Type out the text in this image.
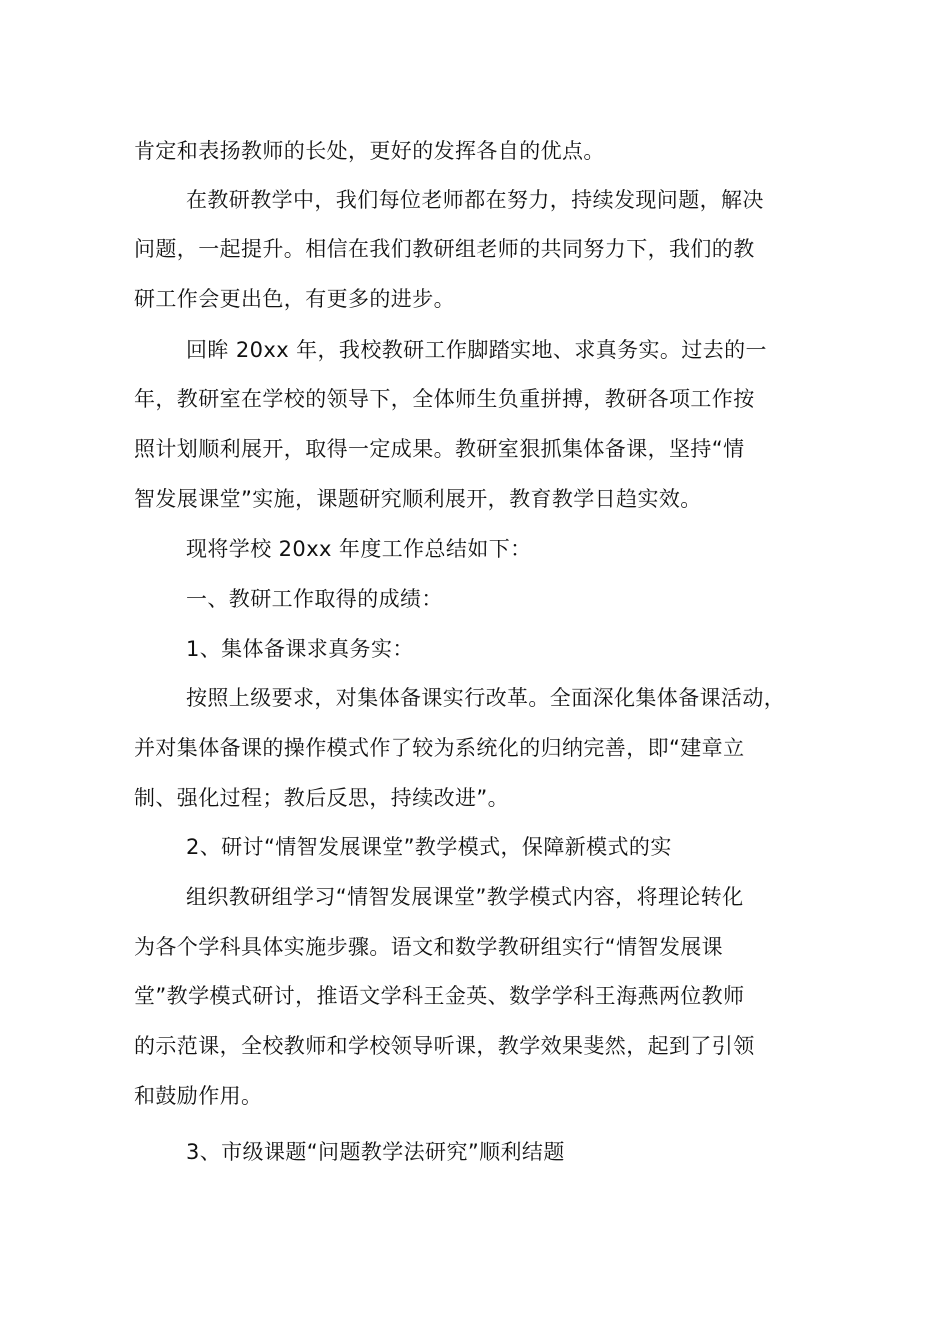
肯定和表扬教师的长处，更好的发挥各自的优点。
在教研教学中，我们每位老师都在努力，持续发现问题，解决
问题，一起提升。相信在我们教研组老师的共同努力下，我们的教
研工作会更出色，有更多的进步。
回眸 20xx 年，我校教研工作脚踏实地、求真务实。过去的一
年，教研室在学校的领导下，全体师生负重拼搏，教研各项工作按
照计划顺利展开，取得一定成果。教研室狠抓集体备课，坚持“情
智发展课堂”实施，课题研究顺利展开，教育教学日趋实效。
现将学校 20xx 年度工作总结如下：
一、教研工作取得的成绩：
1、集体备课求真务实：
按照上级要求，对集体备课实行改革。全面深化集体备课活动，
并对集体备课的操作模式作了较为系统化的归纳完善，即“建章立
制、强化过程；教后反思，持续改进”。
2、研讨“情智发展课堂”教学模式，保障新模式的实
组织教研组学习“情智发展课堂”教学模式内容，将理论转化
为各个学科具体实施步骤。语文和数学教研组实行“情智发展课
堂”教学模式研讨，推语文学科王金英、数学学科王海燕两位教师
的示范课，全校教师和学校领导听课，教学效果斐然，起到了引领
和鼓励作用。
3、市级课题“问题教学法研究”顺利结题
